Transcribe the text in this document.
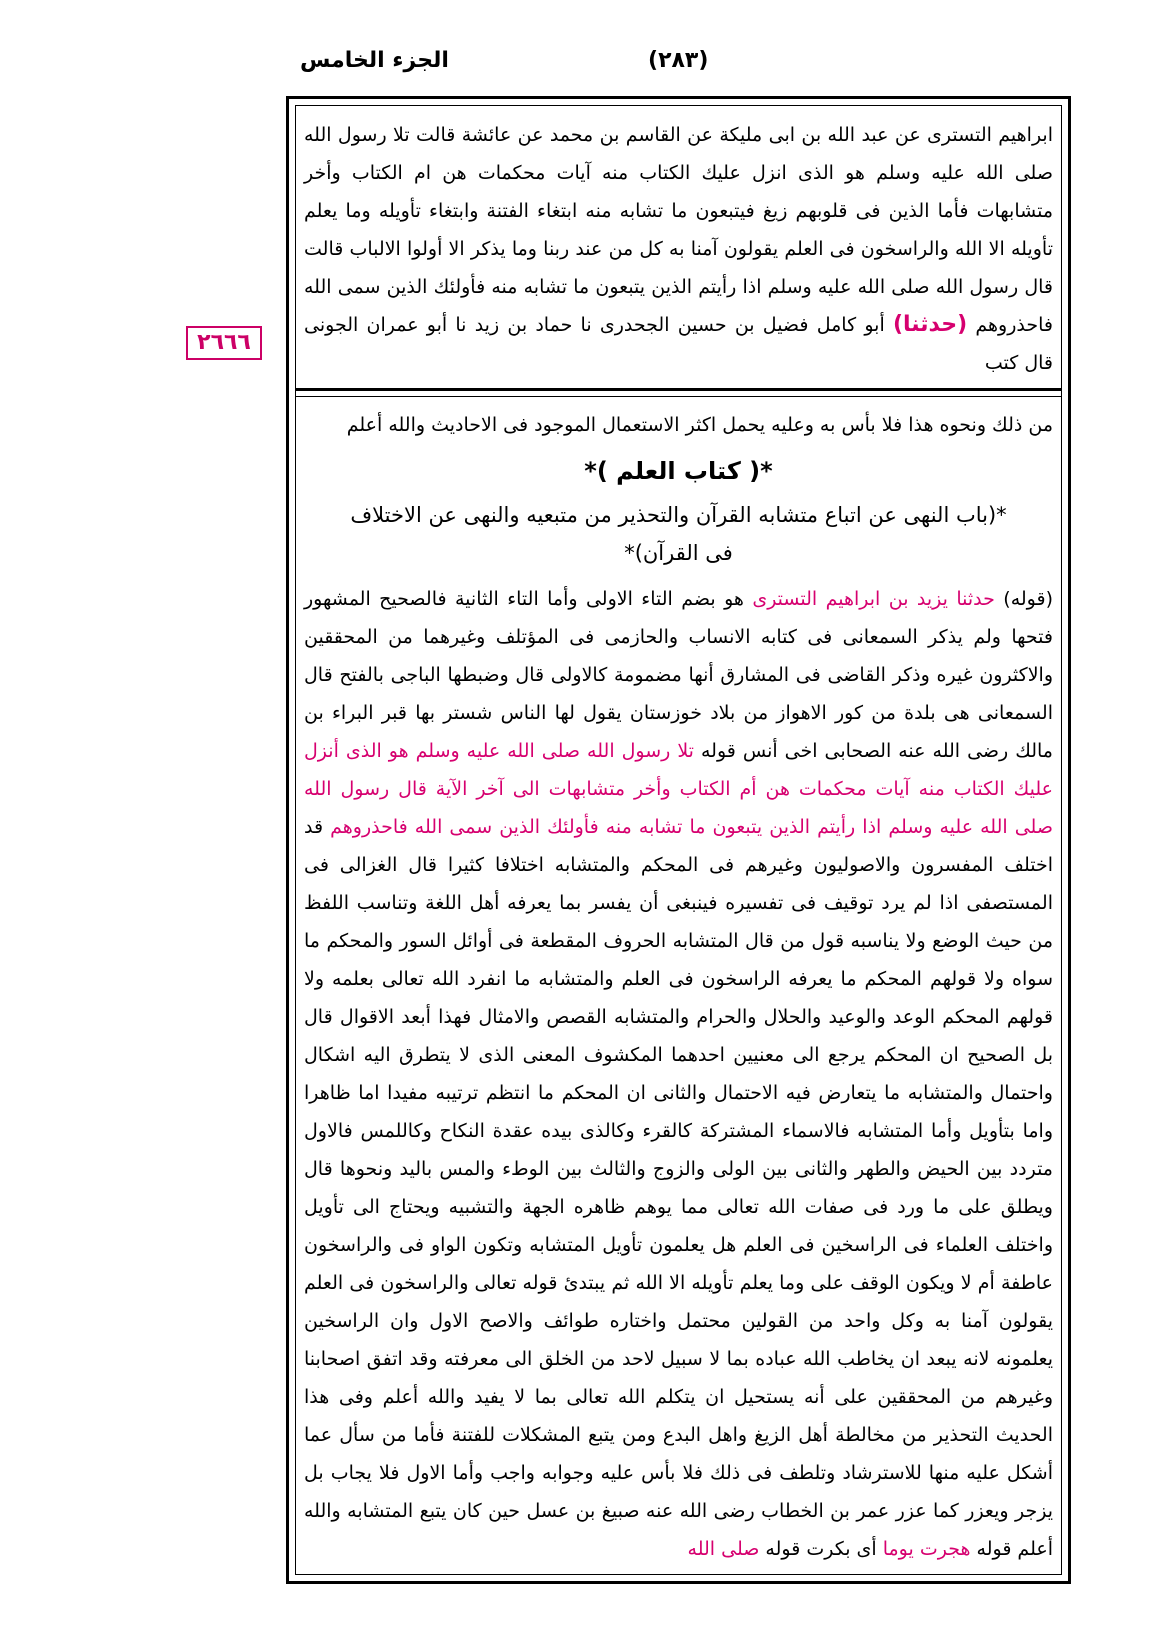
الجزء الخامس	(٢٨٣)
٢٦٦٦
ابراهيم التسترى عن عبد الله بن ابى مليكة عن القاسم بن محمد عن عائشة قالت تلا رسول الله صلى الله عليه وسلم هو الذى انزل عليك الكتاب منه آيات محكمات هن ام الكتاب وأخر متشابهات فأما الذين فى قلوبهم زيغ فيتبعون ما تشابه منه ابتغاء الفتنة وابتغاء تأويله وما يعلم تأويله الا الله والراسخون فى العلم يقولون آمنا به كل من عند ربنا وما يذكر الا أولوا الالباب قالت قال رسول الله صلى الله عليه وسلم اذا رأيتم الذين يتبعون ما تشابه منه فأولئك الذين سمى الله فاحذروهم (حدثنا) أبو كامل فضيل بن حسين الجحدرى نا حماد بن زيد نا أبو عمران الجونى قال كتب

من ذلك ونحوه هذا فلا بأس به وعليه يحمل اكثر الاستعمال الموجود فى الاحاديث والله أعلم

*( كتاب العلم )*

*(باب النهى عن اتباع متشابه القرآن والتحذير من متبعيه والنهى عن الاختلاف فى القرآن)*

(قوله) حدثنا يزيد بن ابراهيم التسترى هو بضم التاء الاولى وأما التاء الثانية فالصحيح المشهور فتحها ولم يذكر السمعانى فى كتابه الانساب والحازمى فى المؤتلف وغيرهما من المحققين والاكثرون غيره وذكر القاضى فى المشارق أنها مضمومة كالاولى قال وضبطها الباجى بالفتح قال السمعانى هى بلدة من كور الاهواز من بلاد خوزستان يقول لها الناس شستر بها قبر البراء بن مالك رضى الله عنه الصحابى اخى أنس قوله تلا رسول الله صلى الله عليه وسلم هو الذى أنزل عليك الكتاب منه آيات محكمات هن أم الكتاب وأخر متشابهات الى آخر الآية قال رسول الله صلى الله عليه وسلم اذا رأيتم الذين يتبعون ما تشابه منه فأولئك الذين سمى الله فاحذروهم قد اختلف المفسرون والاصوليون وغيرهم فى المحكم والمتشابه اختلافا كثيرا قال الغزالى فى المستصفى اذا لم يرد توقيف فى تفسيره فينبغى أن يفسر بما يعرفه أهل اللغة وتناسب اللفظ من حيث الوضع ولا يناسبه قول من قال المتشابه الحروف المقطعة فى أوائل السور والمحكم ما سواه ولا قولهم المحكم ما يعرفه الراسخون فى العلم والمتشابه ما انفرد الله تعالى بعلمه ولا قولهم المحكم الوعد والوعيد والحلال والحرام والمتشابه القصص والامثال فهذا أبعد الاقوال قال بل الصحيح ان المحكم يرجع الى معنيين احدهما المكشوف المعنى الذى لا يتطرق اليه اشكال واحتمال والمتشابه ما يتعارض فيه الاحتمال والثانى ان المحكم ما انتظم ترتيبه مفيدا اما ظاهرا واما بتأويل وأما المتشابه فالاسماء المشتركة كالقرء وكالذى بيده عقدة النكاح وكاللمس فالاول متردد بين الحيض والطهر والثانى بين الولى والزوج والثالث بين الوطء والمس باليد ونحوها قال ويطلق على ما ورد فى صفات الله تعالى مما يوهم ظاهره الجهة والتشبيه ويحتاج الى تأويل واختلف العلماء فى الراسخين فى العلم هل يعلمون تأويل المتشابه وتكون الواو فى والراسخون عاطفة أم لا ويكون الوقف على وما يعلم تأويله الا الله ثم يبتدئ قوله تعالى والراسخون فى العلم يقولون آمنا به وكل واحد من القولين محتمل واختاره طوائف والاصح الاول وان الراسخين يعلمونه لانه يبعد ان يخاطب الله عباده بما لا سبيل لاحد من الخلق الى معرفته وقد اتفق اصحابنا وغيرهم من المحققين على أنه يستحيل ان يتكلم الله تعالى بما لا يفيد والله أعلم وفى هذا الحديث التحذير من مخالطة أهل الزيغ واهل البدع ومن يتبع المشكلات للفتنة فأما من سأل عما أشكل عليه منها للاسترشاد وتلطف فى ذلك فلا بأس عليه وجوابه واجب وأما الاول فلا يجاب بل يزجر ويعزر كما عزر عمر بن الخطاب رضى الله عنه صبيغ بن عسل حين كان يتبع المتشابه والله أعلم قوله هجرت يوما أى بكرت قوله صلى الله
